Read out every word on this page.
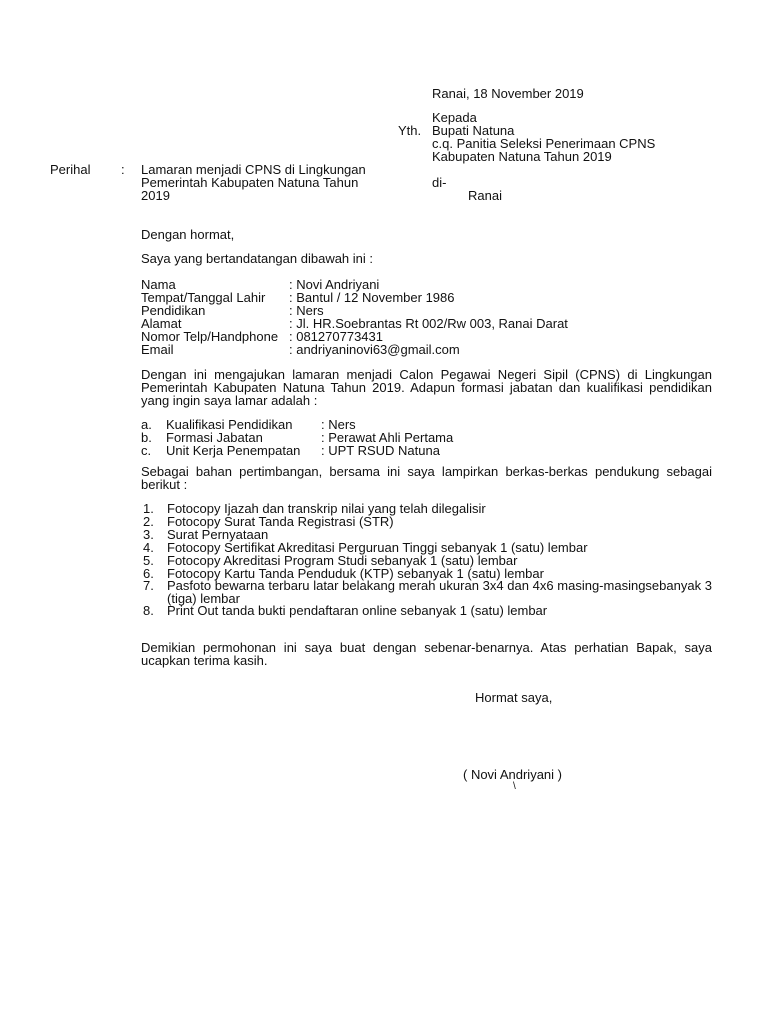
Ranai, 18 November 2019
Kepada
Yth. Bupati Natuna
c.q. Panitia Seleksi Penerimaan CPNS
Kabupaten Natuna Tahun 2019
di-
Ranai
Perihal : Lamaran menjadi CPNS di Lingkungan
Pemerintah Kabupaten Natuna Tahun
2019
Dengan hormat,
Saya yang bertandatangan dibawah ini :
Nama	: Novi Andriyani
Tempat/Tanggal Lahir : Bantul / 12 November 1986
Pendidikan	: Ners
Alamat	: Jl. HR.Soebrantas Rt 002/Rw 003, Ranai Darat
Nomor Telp/Handphone : 081270773431
Email	: andriyaninovi63@gmail.com
Dengan ini mengajukan lamaran menjadi Calon Pegawai Negeri Sipil (CPNS) di Lingkungan Pemerintah Kabupaten Natuna Tahun 2019. Adapun formasi jabatan dan kualifikasi pendidikan yang ingin saya lamar adalah :
a. Kualifikasi Pendidikan : Ners
b. Formasi Jabatan	: Perawat Ahli Pertama
c. Unit Kerja Penempatan : UPT RSUD Natuna
Sebagai bahan pertimbangan, bersama ini saya lampirkan berkas-berkas pendukung sebagai berikut :
1. Fotocopy Ijazah dan transkrip nilai yang telah dilegalisir
2. Fotocopy Surat Tanda Registrasi (STR)
3. Surat Pernyataan
4. Fotocopy Sertifikat Akreditasi Perguruan Tinggi sebanyak 1 (satu) lembar
5. Fotocopy Akreditasi Program Studi sebanyak 1 (satu) lembar
6. Fotocopy Kartu Tanda Penduduk (KTP) sebanyak 1 (satu) lembar
7. Pasfoto bewarna terbaru latar belakang merah ukuran 3x4 dan 4x6 masing-masingsebanyak 3 (tiga) lembar
8. Print Out tanda bukti pendaftaran online sebanyak 1 (satu) lembar
Demikian permohonan ini saya buat dengan sebenar-benarnya. Atas perhatian Bapak, saya ucapkan terima kasih.
Hormat saya,
( Novi Andriyani )
\
